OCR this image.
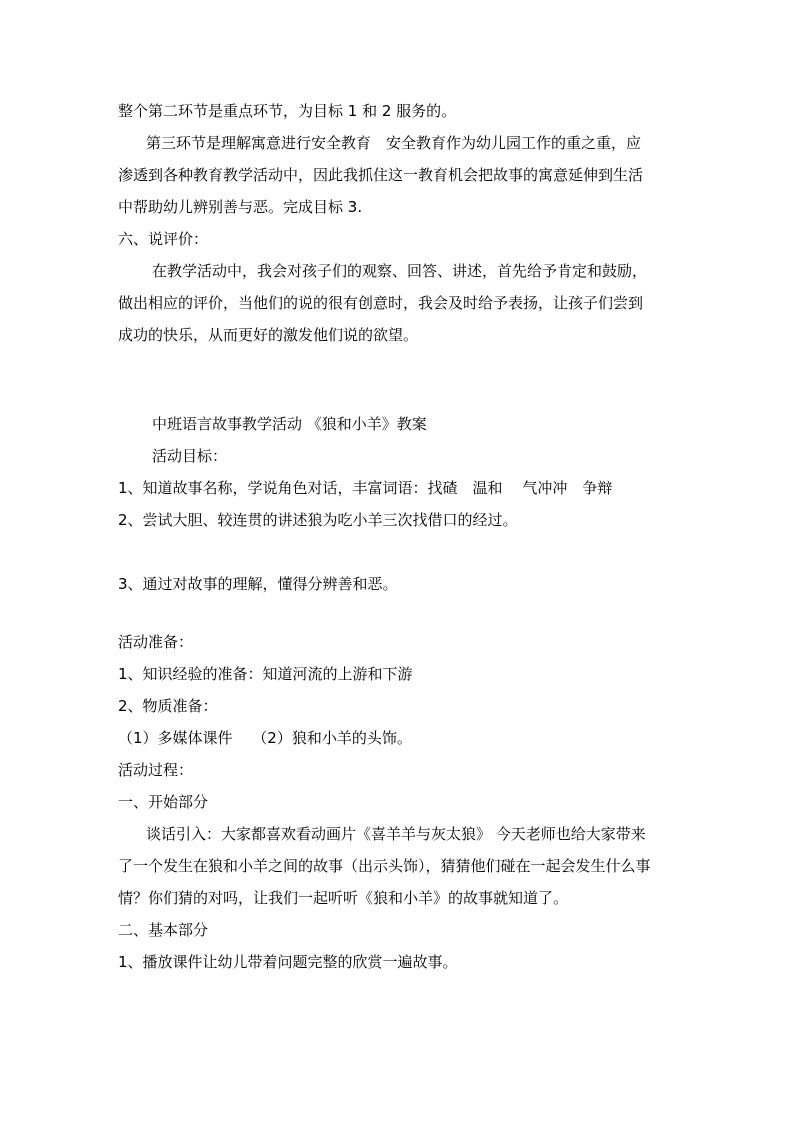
整个第二环节是重点环节，为目标 1 和 2 服务的。
第三环节是理解寓意进行安全教育　安全教育作为幼儿园工作的重之重，应
渗透到各种教育教学活动中，因此我抓住这一教育机会把故事的寓意延伸到生活
中帮助幼儿辨别善与恶。完成目标 3.
六、说评价：
在教学活动中，我会对孩子们的观察、回答、讲述，首先给予肯定和鼓励，
做出相应的评价，当他们的说的很有创意时，我会及时给予表扬，让孩子们尝到
成功的快乐，从而更好的激发他们说的欲望。
中班语言故事教学活动 《狼和小羊》教案
活动目标：
1、知道故事名称，学说角色对话，丰富词语：找碴　温和　 气冲冲　争辩
2、尝试大胆、较连贯的讲述狼为吃小羊三次找借口的经过。
3、通过对故事的理解，懂得分辨善和恶。
活动准备：
1、知识经验的准备：知道河流的上游和下游
2、物质准备：
（1）多媒体课件　 （2）狼和小羊的头饰。
活动过程：
一、开始部分
谈话引入：大家都喜欢看动画片《喜羊羊与灰太狼》 今天老师也给大家带来
了一个发生在狼和小羊之间的故事（出示头饰），猜猜他们碰在一起会发生什么事
情？你们猜的对吗，让我们一起听听《狼和小羊》的故事就知道了。
二、基本部分
1、播放课件让幼儿带着问题完整的欣赏一遍故事。
